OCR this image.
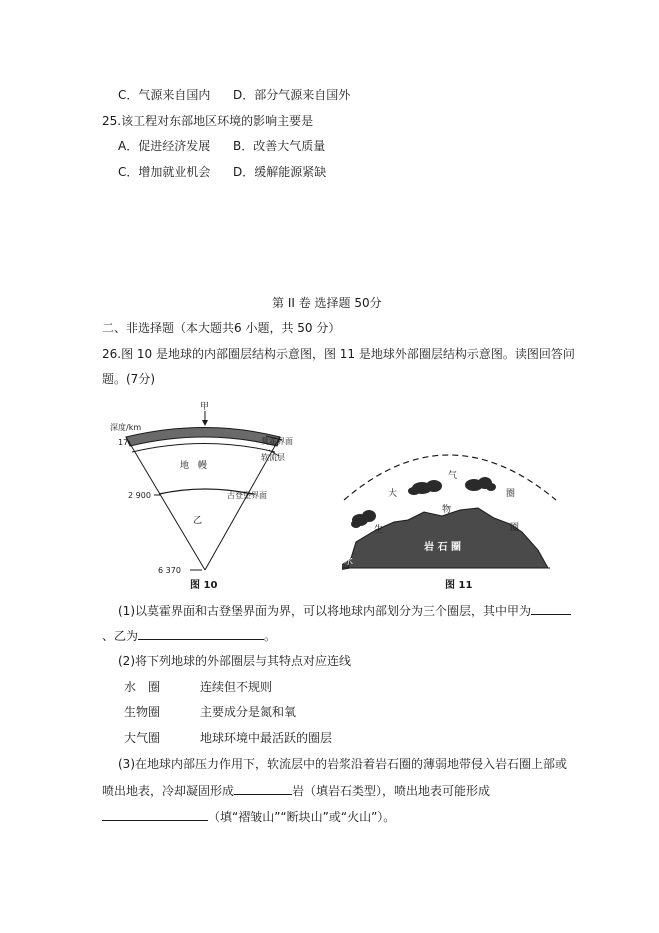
C．气源来自国内 D．部分气源来自国外
25.该工程对东部地区环境的影响主要是
A．促进经济发展 B．改善大气质量
C．增加就业机会 D．缓解能源紧缺
第 II 卷 选择题 50分
二、非选择题（本大题共6 小题，共 50 分）
26.图 10 是地球的内部圈层结构示意图，图 11 是地球外部圈层结构示意图。读图回答问
题。(7分)
甲
深度/km
17
2 900
6 370
莫霍界面
软流层
古登堡界面
地　幔
乙
图 10
大
气
圈
生
物
圈
岩 石 圈
水
图 11
(1)以莫霍界面和古登堡界面为界，可以将地球内部划分为三个圈层，其中甲为
、乙为	。
(2)将下列地球的外部圈层与其特点对应连线
水　圈	连续但不规则
生物圈	主要成分是氮和氧
大气圈	地球环境中最活跃的圈层
(3)在地球内部压力作用下，软流层中的岩浆沿着岩石圈的薄弱地带侵入岩石圈上部或
喷出地表，冷却凝固形成	岩（填岩石类型），喷出地表可能形成
（填“褶皱山”“断块山”或“火山”）。
